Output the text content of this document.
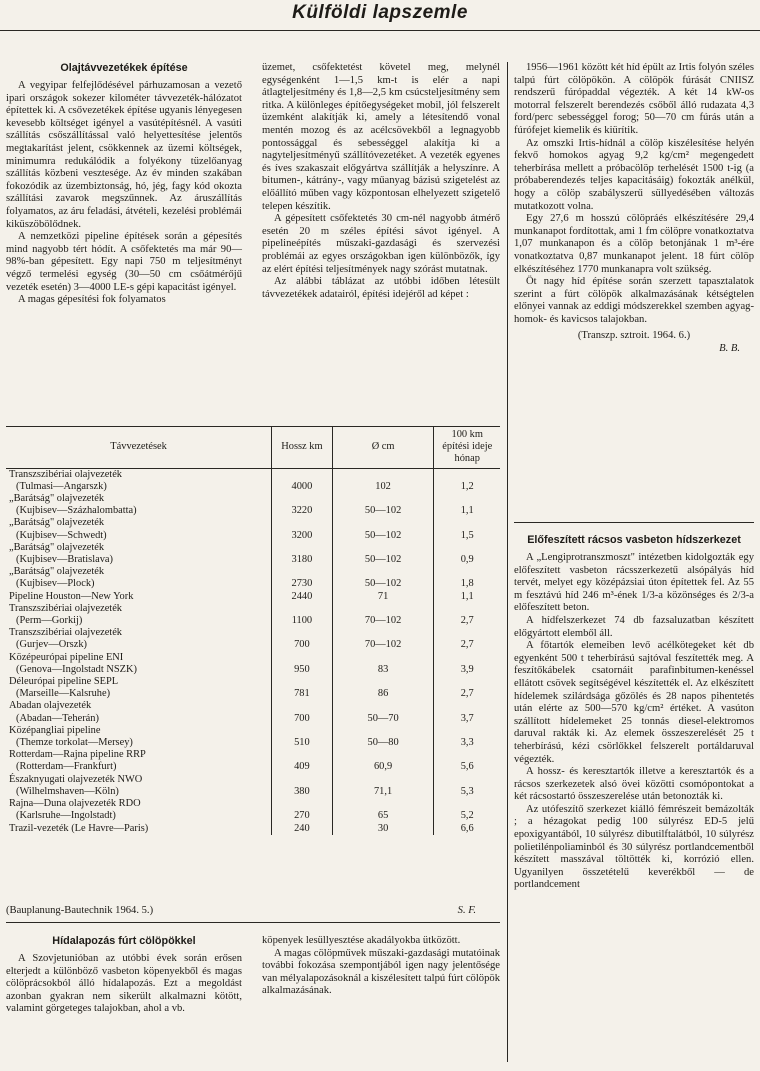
Külföldi lapszemle
Olajtávvezetékek építése

A vegyipar felfejlődésével párhuzamosan a vezető ipari országok sokezer kilométer távvezeték-hálózatot építettek ki. A csővezetékek építése ugyanis lényegesen kevesebb költséget igényel a vasútépítésnél. A vasúti szállítás csőszállítással való helyettesítése jelentős megtakarítást jelent, csökkennek az üzemi költségek, minimumra redukálódik a folyékony tüzelőanyag szállítás közbeni vesztesége. Az év minden szakában fokozódik az üzembiztonság, hó, jég, fagy kód okozta szállítási zavarok megszűnnek. Az áruszállítás folyamatos, az áru feladási, átvételi, kezelési problémái kiküszöbölődnek.

A nemzetközi pipeline építések során a gépesítés mind nagyobb tért hódít. A csőfektetés ma már 90—98%-ban gépesített. Egy napi 750 m teljesítményt végző termelési egység (30—50 cm csőátmérőjű vezeték esetén) 3—4000 LE-s gépi kapacitást igényel.

A magas gépesítési fok folyamatos

üzemet, csőfektetést követel meg, melynél egységenként 1—1,5 km-t is elér a napi átlagteljesítmény és 1,8—2,5 km csúcsteljesítmény sem ritka. A különleges építőegységeket mobil, jól felszerelt üzemként alakítják ki, amely a létesítendő vonal mentén mozog és az acélcsövekből a legnagyobb pontossággal és sebességgel alakítja ki a nagyteljesítményű szállítóvezetéket. A vezeték egyenes és íves szakaszait előgyártva szállítják a helyszínre. A bitumen-, kátrány-, vagy műanyag bázisú szigetelést az előállító műben vagy központosan elhelyezett szigetelő telepen készítik.

A gépesített csőfektetés 30 cm-nél nagyobb átmérő esetén 20 m széles építési sávot igényel. A pipelineépítés műszaki-gazdasági és szervezési problémái az egyes országokban igen különbözők, így az elért építési teljesítmények nagy szórást mutatnak.

Az alábbi táblázat az utóbbi időben létesült távvezetékek adatairól, építési idejéről ad képet :

Távvezetések	Hossz km	Ø cm	100 km építési ideje hónap
Transzszibériai olajvezeték			
(Tulmasi—Angarszk)	4000	102	1,2
„Barátság" olajvezeték			
(Kujbisev—Százhalombatta)	3220	50—102	1,1
„Barátság" olajvezeték			
(Kujbisev—Schwedt)	3200	50—102	1,5
„Barátság" olajvezeték			
(Kujbisev—Bratislava)	3180	50—102	0,9
„Barátság" olajvezeték			
(Kujbisev—Plock)	2730	50—102	1,8
Pipeline Houston—New York	2440	71	1,1
Transzszibériai olajvezeték			
(Perm—Gorkij)	1100	70—102	2,7
Transzszibériai olajvezeték			
(Gurjev—Orszk)	700	70—102	2,7
Középeurópai pipeline ENI			
(Genova—Ingolstadt NSZK)	950	83	3,9
Déleurópai pipeline SEPL			
(Marseille—Kalsruhe)	781	86	2,7
Abadan olajvezeték			
(Abadan—Teherán)	700	50—70	3,7
Középangliai pipeline			
(Themze torkolat—Mersey)	510	50—80	3,3
Rotterdam—Rajna pipeline RRP			
(Rotterdam—Frankfurt)	409	60,9	5,6
Északnyugati olajvezeték NWO			
(Wilhelmshaven—Köln)	380	71,1	5,3
Rajna—Duna olajvezeték RDO			
(Karlsruhe—Ingolstadt)	270	65	5,2
Trazil-vezeték (Le Havre—Paris)	240	30	6,6
(Bauplanung-Bautechnik 1964. 5.)	S. F.
Hídalapozás fúrt cölöpökkel

A Szovjetunióban az utóbbi évek során erősen elterjedt a különböző vasbeton köpenyekből és magas cölöprácsokból álló hídalapozás. Ezt a megoldást azonban gyakran nem sikerült alkalmazni kötött, valamint görgeteges talajokban, ahol a vb.

köpenyek lesüllyesztése akadályokba ütközött.

A magas cölöpművek műszaki-gazdasági mutatóinak további fokozása szempontjából igen nagy jelentősége van mélyalapozásoknál a kiszélesített talpú fúrt cölöpök alkalmazásának.

1956—1961 között két híd épült az Irtis folyón széles talpú fúrt cölöpökön. A cölöpök fúrását CNIISZ rendszerű fúrópaddal végezték. A két 14 kW-os motorral felszerelt berendezés csőből álló rudazata 4,3 ford/perc sebességgel forog; 50—70 cm fúrás után a fúrófejet kiemelik és kiürítik.

Az omszki Irtis-hídnál a cölöp kiszélesítése helyén fekvő homokos agyag 9,2 kg/cm² megengedett teherbírása mellett a próbacölöp terhelését 1500 t-ig (a próbaberendezés teljes kapacitásáig) fokozták anélkül, hogy a cölöp szabályszerű süllyedésében változás mutatkozott volna.

Egy 27,6 m hosszú cölöpráés elkészítésére 29,4 munkanapot fordítottak, ami 1 fm cölöpre vonatkoztatva 1,07 munkanapon és a cölöp betonjának 1 m³-ére vonatkoztatva 0,87 munkanapot jelent. 18 fúrt cölöp elkészítéséhez 1770 munkanapra volt szükség.

Öt nagy híd építése során szerzett tapasztalatok szerint a fúrt cölöpök alkalmazásának kétségtelen előnyei vannak az eddigi módszerekkel szemben agyag-homok- és kavicsos talajokban.

(Transzp. sztroit. 1964. 6.)

B. B.

Előfeszített rácsos vasbeton hídszerkezet

A „Lengiprotranszmoszt" intézetben kidolgozták egy előfeszített vasbeton rácsszerkezetű alsópályás híd tervét, melyet egy középázsiai úton építettek fel. Az 55 m fesztávú híd 246 m³-ének 1/3-a közönséges és 2/3-a előfeszített beton.

A hídfelszerkezet 74 db fazsaluzatban készített előgyártott elemből áll.

A főtartók elemeiben levő acélkötegeket két db egyenként 500 t teherbírású sajtóval feszítették meg. A feszítőkábelek csatornáit parafinbitumen-kenéssel ellátott csövek segítségével készítették el. Az elkészített hídelemek szilárdsága gőzölés és 28 napos pihentetés után elérte az 500—570 kg/cm² értéket. A vasúton szállított hídelemeket 25 tonnás diesel-elektromos daruval rakták ki. Az elemek összeszerelését 25 t teherbírású, kézi csörlőkkel felszerelt portáldaruval végezték.

A hossz- és keresztartók illetve a keresztartók és a rácsos szerkezetek alsó övei közötti csomópontokat a két rácsostartó összeszerelése után betonozták ki.

Az utófeszítő szerkezet kiálló fémrészeit bemázolták ; a hézagokat pedig 100 súlyrész ED-5 jelű epoxigyantából, 10 súlyrész dibutilftalátból, 10 súlyrész polietilénpoliaminból és 30 súlyrész portlandcementből készített masszával töltötték ki, korrózió ellen. Ugyanilyen összetételű keverékből — de portlandcement
